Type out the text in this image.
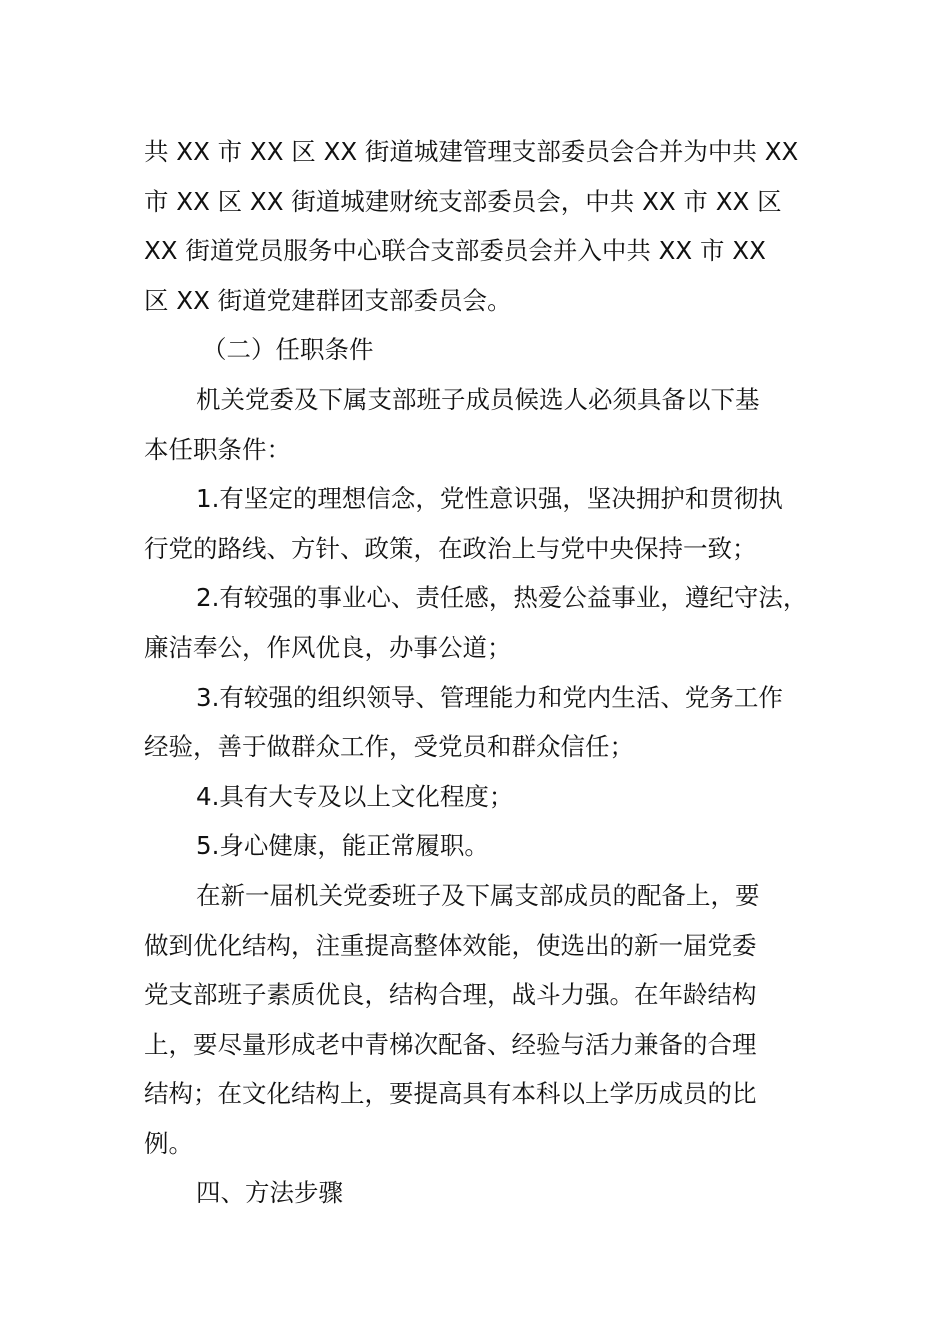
共 XX 市 XX 区 XX 街道城建管理支部委员会合并为中共 XX
市 XX 区 XX 街道城建财统支部委员会，中共 XX 市 XX 区
XX 街道党员服务中心联合支部委员会并入中共 XX 市 XX
区 XX 街道党建群团支部委员会。
（二）任职条件
机关党委及下属支部班子成员候选人必须具备以下基
本任职条件：
1.有坚定的理想信念，党性意识强，坚决拥护和贯彻执
行党的路线、方针、政策，在政治上与党中央保持一致；
2.有较强的事业心、责任感，热爱公益事业，遵纪守法，
廉洁奉公，作风优良，办事公道；
3.有较强的组织领导、管理能力和党内生活、党务工作
经验，善于做群众工作，受党员和群众信任；
4.具有大专及以上文化程度；
5.身心健康，能正常履职。
在新一届机关党委班子及下属支部成员的配备上，要
做到优化结构，注重提高整体效能，使选出的新一届党委
党支部班子素质优良，结构合理，战斗力强。在年龄结构
上，要尽量形成老中青梯次配备、经验与活力兼备的合理
结构；在文化结构上，要提高具有本科以上学历成员的比
例。
四、方法步骤
